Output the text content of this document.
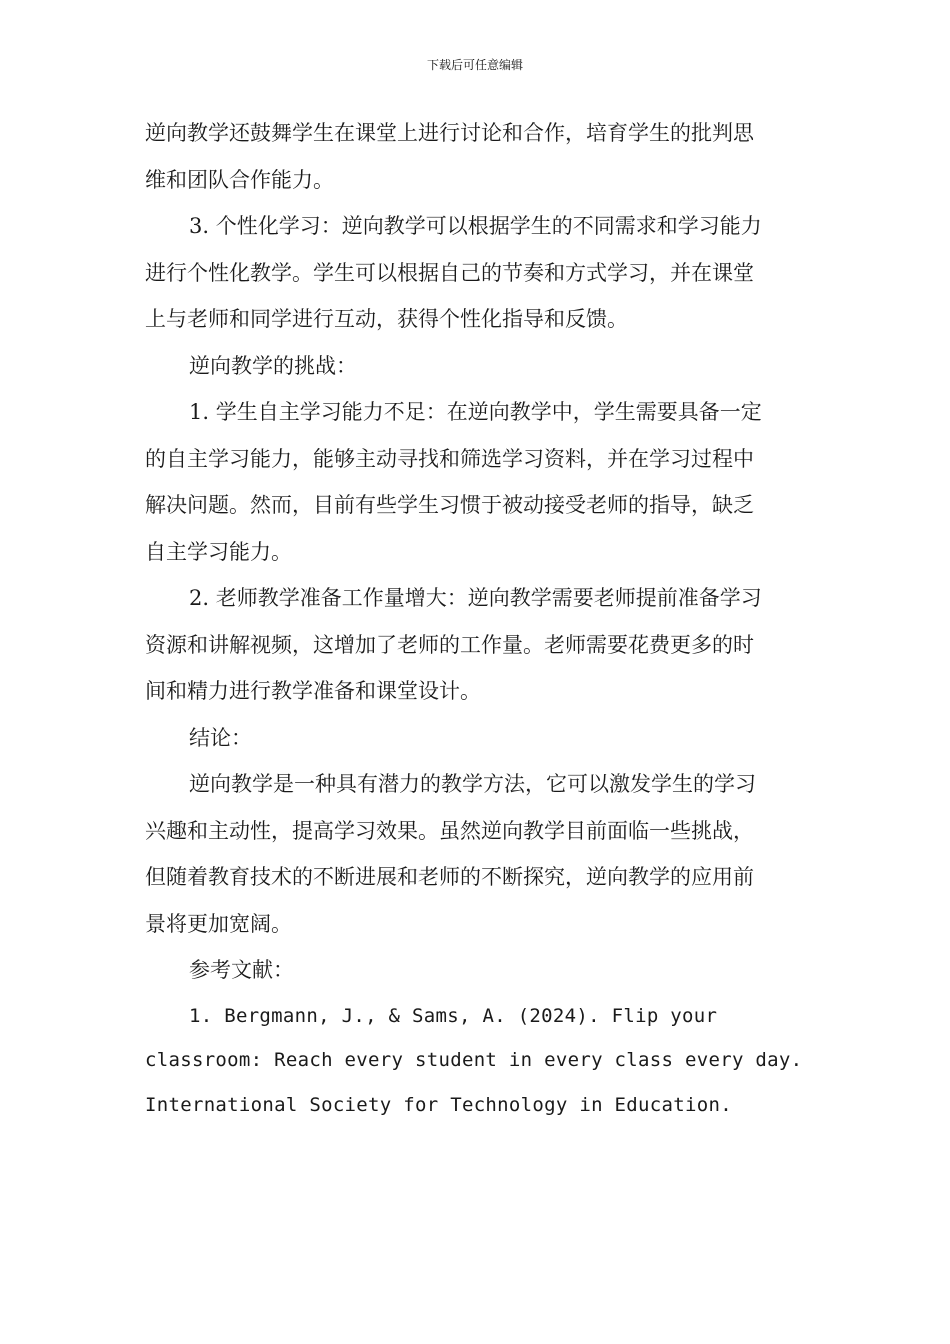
下载后可任意编辑
逆向教学还鼓舞学生在课堂上进行讨论和合作，培育学生的批判思
维和团队合作能力。
3. 个性化学习：逆向教学可以根据学生的不同需求和学习能力
进行个性化教学。学生可以根据自己的节奏和方式学习，并在课堂
上与老师和同学进行互动，获得个性化指导和反馈。
逆向教学的挑战：
1. 学生自主学习能力不足：在逆向教学中，学生需要具备一定
的自主学习能力，能够主动寻找和筛选学习资料，并在学习过程中
解决问题。然而，目前有些学生习惯于被动接受老师的指导，缺乏
自主学习能力。
2. 老师教学准备工作量增大：逆向教学需要老师提前准备学习
资源和讲解视频，这增加了老师的工作量。老师需要花费更多的时
间和精力进行教学准备和课堂设计。
结论：
逆向教学是一种具有潜力的教学方法，它可以激发学生的学习
兴趣和主动性，提高学习效果。虽然逆向教学目前面临一些挑战，
但随着教育技术的不断进展和老师的不断探究，逆向教学的应用前
景将更加宽阔。
参考文献：
1. Bergmann, J., & Sams, A. (2024). Flip your
classroom: Reach every student in every class every day.
International Society for Technology in Education.
